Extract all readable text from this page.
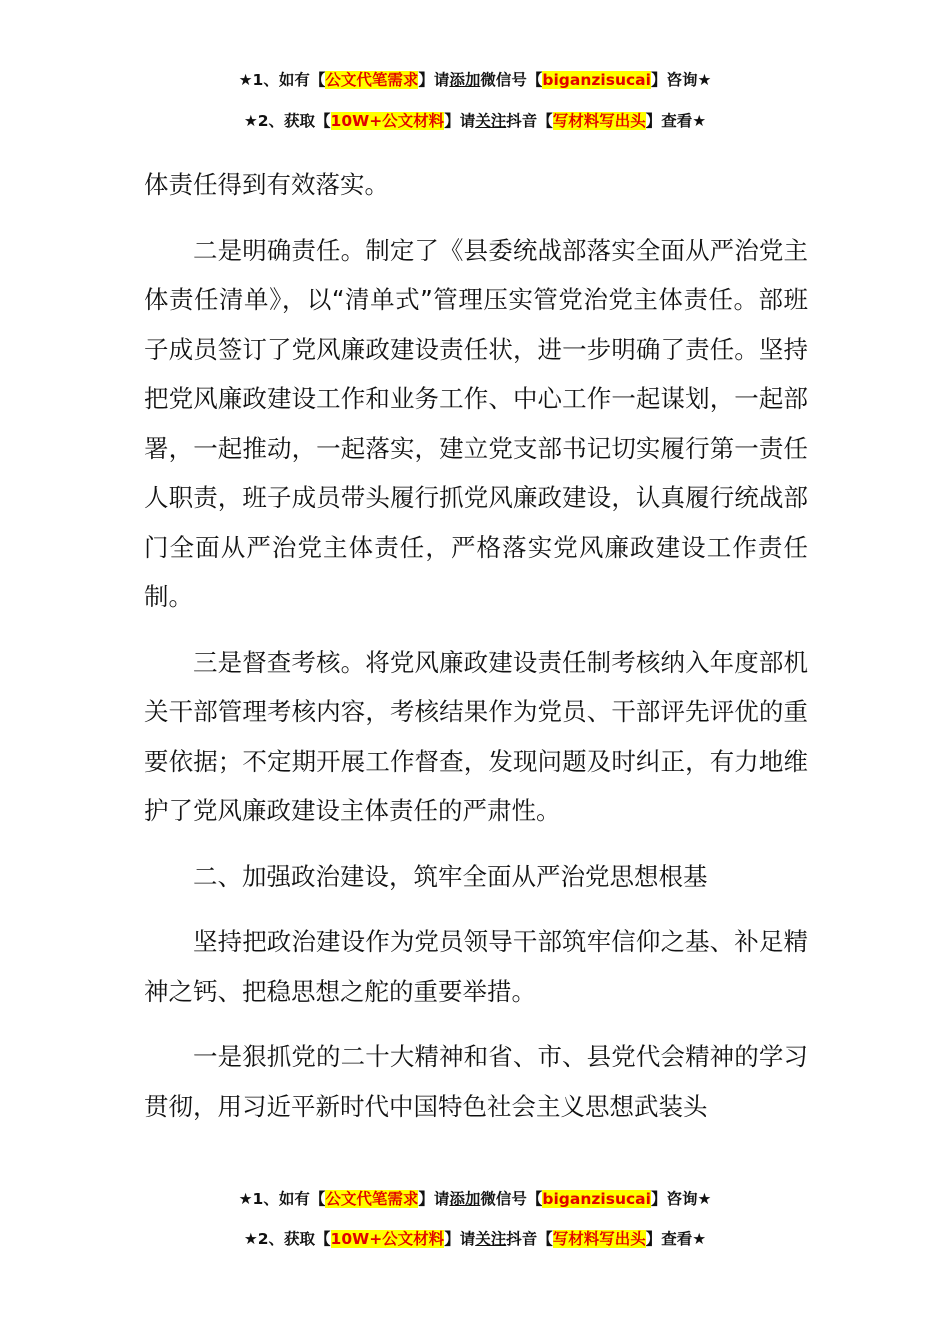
★1、如有【公文代笔需求】请添加微信号【biganzisucai】咨询★
★2、获取【10W+公文材料】请关注抖音【写材料写出头】查看★

体责任得到有效落实。

二是明确责任。制定了《县委统战部落实全面从严治党主体责任清单》，以“清单式”管理压实管党治党主体责任。部班子成员签订了党风廉政建设责任状，进一步明确了责任。坚持把党风廉政建设工作和业务工作、中心工作一起谋划，一起部署，一起推动，一起落实，建立党支部书记切实履行第一责任人职责，班子成员带头履行抓党风廉政建设，认真履行统战部门全面从严治党主体责任，严格落实党风廉政建设工作责任制。

三是督查考核。将党风廉政建设责任制考核纳入年度部机关干部管理考核内容，考核结果作为党员、干部评先评优的重要依据；不定期开展工作督查，发现问题及时纠正，有力地维护了党风廉政建设主体责任的严肃性。

二、加强政治建设，筑牢全面从严治党思想根基

坚持把政治建设作为党员领导干部筑牢信仰之基、补足精神之钙、把稳思想之舵的重要举措。

一是狠抓党的二十大精神和省、市、县党代会精神的学习贯彻，用习近平新时代中国特色社会主义思想武装头

★1、如有【公文代笔需求】请添加微信号【biganzisucai】咨询★
★2、获取【10W+公文材料】请关注抖音【写材料写出头】查看★
